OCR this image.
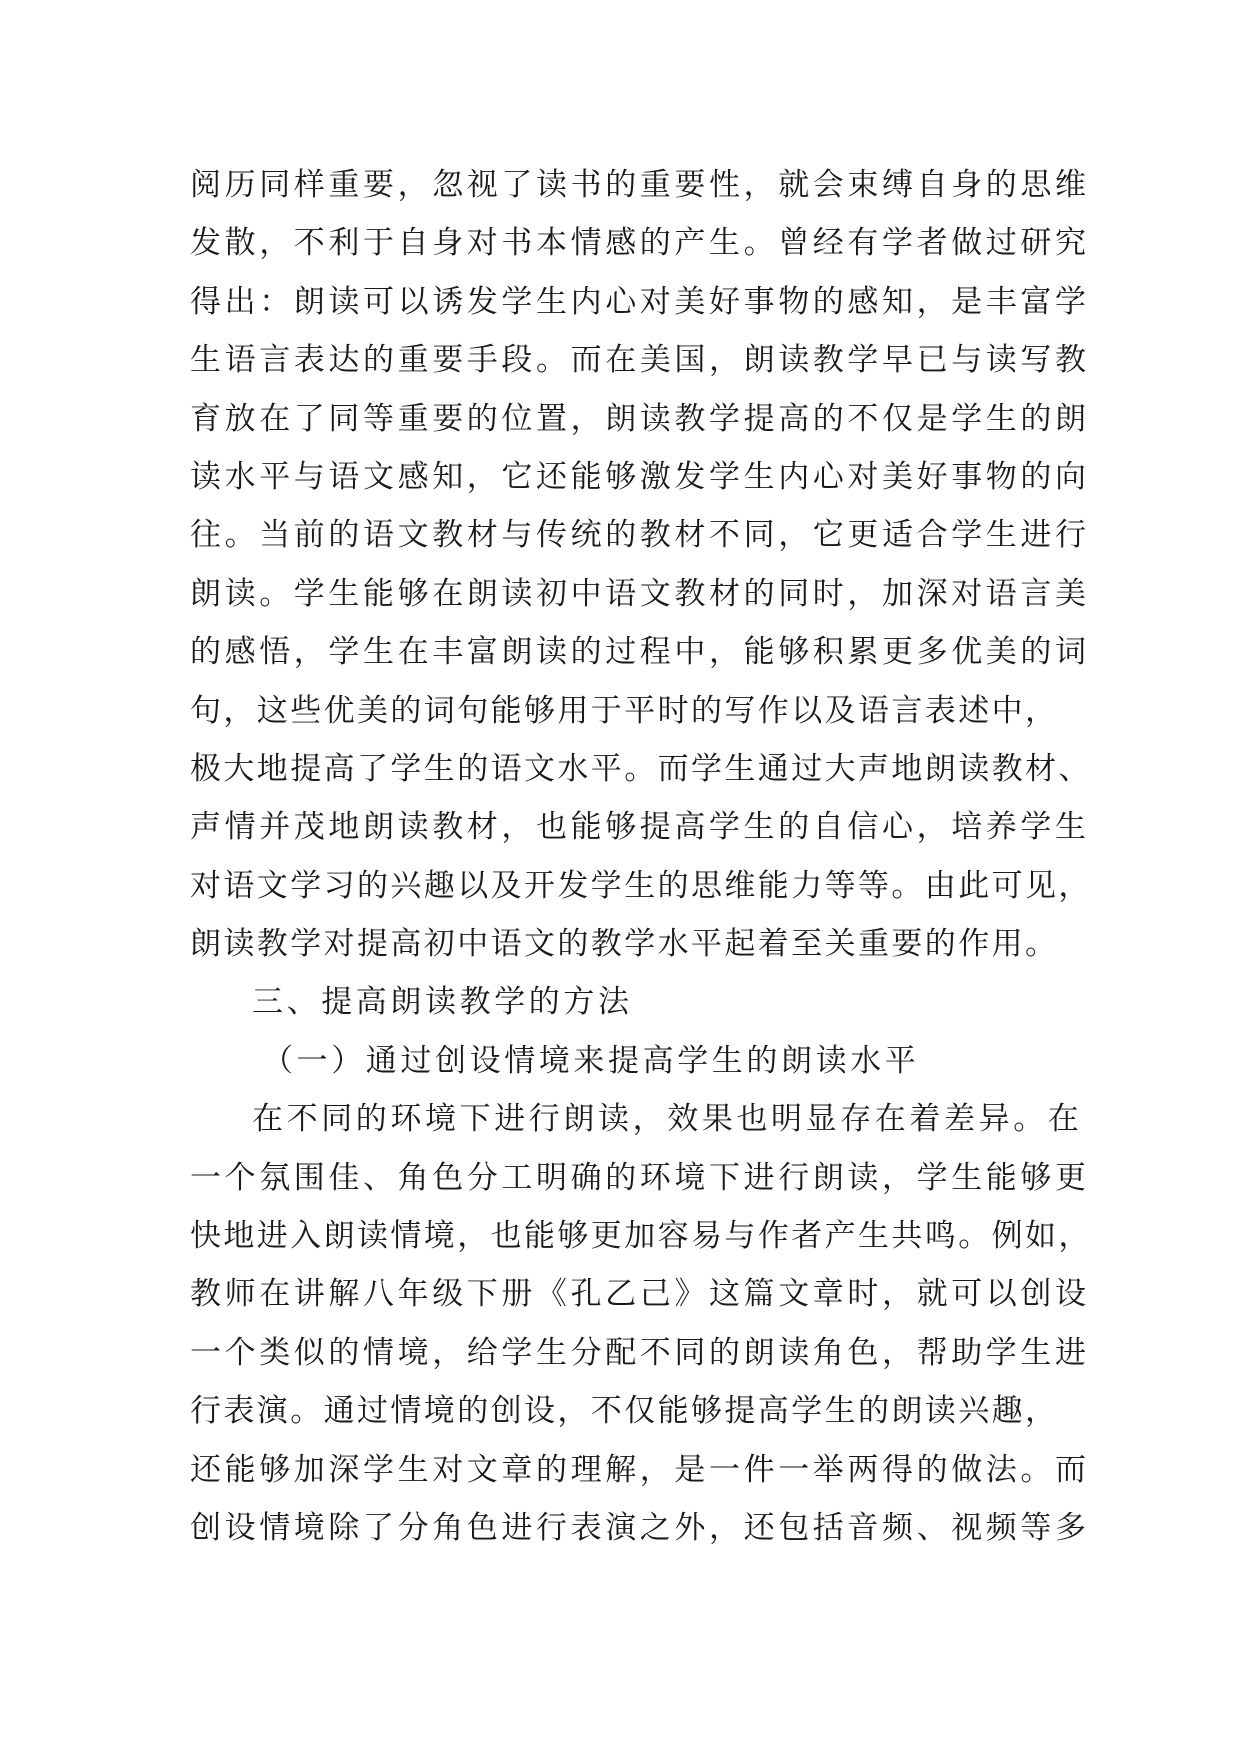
阅历同样重要，忽视了读书的重要性，就会束缚自身的思维
发散，不利于自身对书本情感的产生。曾经有学者做过研究
得出：朗读可以诱发学生内心对美好事物的感知，是丰富学
生语言表达的重要手段。而在美国，朗读教学早已与读写教
育放在了同等重要的位置，朗读教学提高的不仅是学生的朗
读水平与语文感知，它还能够激发学生内心对美好事物的向
往。当前的语文教材与传统的教材不同，它更适合学生进行
朗读。学生能够在朗读初中语文教材的同时，加深对语言美
的感悟，学生在丰富朗读的过程中，能够积累更多优美的词
句，这些优美的词句能够用于平时的写作以及语言表述中，
极大地提高了学生的语文水平。而学生通过大声地朗读教材、
声情并茂地朗读教材，也能够提高学生的自信心，培养学生
对语文学习的兴趣以及开发学生的思维能力等等。由此可见，
朗读教学对提高初中语文的教学水平起着至关重要的作用。
三、提高朗读教学的方法
（一）通过创设情境来提高学生的朗读水平
在不同的环境下进行朗读，效果也明显存在着差异。在
一个氛围佳、角色分工明确的环境下进行朗读，学生能够更
快地进入朗读情境，也能够更加容易与作者产生共鸣。例如，
教师在讲解八年级下册《孔乙己》这篇文章时，就可以创设
一个类似的情境，给学生分配不同的朗读角色，帮助学生进
行表演。通过情境的创设，不仅能够提高学生的朗读兴趣，
还能够加深学生对文章的理解，是一件一举两得的做法。而
创设情境除了分角色进行表演之外，还包括音频、视频等多
